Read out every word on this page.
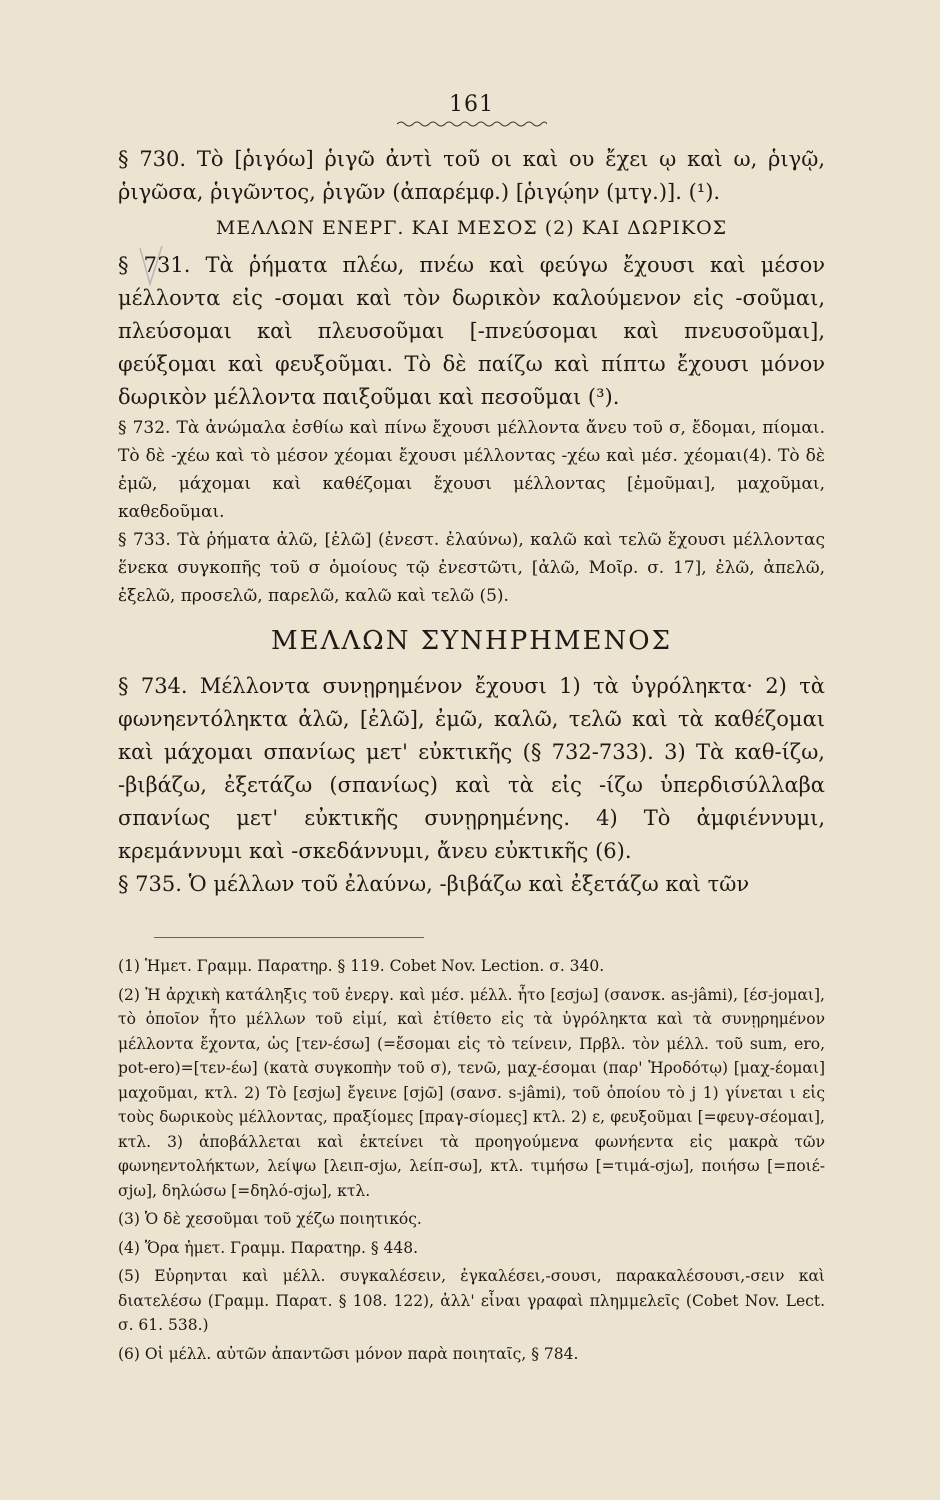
161

§ 730. Τὸ [ῥιγόω] ῥιγῶ ἀντὶ τοῦ οι καὶ ου ἔχει ῳ καὶ ω, ῥιγῷ, ῥιγῶσα, ῥιγῶντος, ῥιγῶν (ἀπαρέμφ.) [ῥιγῴην (μτγ.)]. (¹).

ΜΕΛΛΩΝ ΕΝΕΡΓ. ΚΑΙ ΜΕΣΟΣ (2) ΚΑΙ ΔΩΡΙΚΟΣ

§ 731. Τὰ ῥήματα πλέω, πνέω καὶ φεύγω ἔχουσι καὶ μέσον μέλλοντα εἰς -σομαι καὶ τὸν δωρικὸν καλούμενον εἰς -σοῦμαι, πλεύσομαι καὶ πλευσοῦμαι [-πνεύσομαι καὶ πνευσοῦμαι], φεύξομαι καὶ φευξοῦμαι. Τὸ δὲ παίζω καὶ πίπτω ἔχουσι μόνον δωρικὸν μέλλοντα παιξοῦμαι καὶ πεσοῦμαι (³).

§ 732. Τὰ ἀνώμαλα ἐσθίω καὶ πίνω ἔχουσι μέλλοντα ἄνευ τοῦ σ, ἔδομαι, πίομαι. Τὸ δὲ -χέω καὶ τὸ μέσον χέομαι ἔχουσι μέλλοντας -χέω καὶ μέσ. χέομαι(4). Τὸ δὲ ἐμῶ, μάχομαι καὶ καθέζομαι ἔχουσι μέλλοντας [ἐμοῦμαι], μαχοῦμαι, καθεδοῦμαι.

§ 733. Τὰ ῥήματα ἀλῶ, [ἐλῶ] (ἐνεστ. ἐλαύνω), καλῶ καὶ τελῶ ἔχουσι μέλλοντας ἕνεκα συγκοπῆς τοῦ σ ὁμοίους τῷ ἐνεστῶτι, [ἀλῶ, Μοῖρ. σ. 17], ἐλῶ, ἀπελῶ, ἐξελῶ, προσελῶ, παρελῶ, καλῶ καὶ τελῶ (5).

ΜΕΛΛΩΝ ΣΥΝΗΡΗΜΕΝΟΣ

§ 734. Μέλλοντα συνῃρημένον ἔχουσι 1) τὰ ὑγρόληκτα· 2) τὰ φωνηεντόληκτα ἀλῶ, [ἐλῶ], ἐμῶ, καλῶ, τελῶ καὶ τὰ καθέζομαι καὶ μάχομαι σπανίως μετ' εὐκτικῆς (§ 732-733). 3) Τὰ καθ-ίζω, -βιβάζω, ἐξετάζω (σπανίως) καὶ τὰ εἰς -ίζω ὑπερδισύλλαβα σπανίως μετ' εὐκτικῆς συνῃρημένης. 4) Τὸ ἀμφιέννυμι, κρεμάννυμι καὶ -σκεδάννυμι, ἄνευ εὐκτικῆς (6).

§ 735. Ὁ μέλλων τοῦ ἐλαύνω, -βιβάζω καὶ ἐξετάζω καὶ τῶν

(1) Ἡμετ. Γραμμ. Παρατηρ. § 119. Cobet Nov. Lection. σ. 340.

(2) Ἡ ἀρχικὴ κατάληξις τοῦ ἐνεργ. καὶ μέσ. μέλλ. ἦτο [εσjω] (σανσκ. as-jâmi), [έσ-jομαι], τὸ ὁποῖον ἦτο μέλλων τοῦ εἰμί, καὶ ἐτίθετο εἰς τὰ ὑγρόληκτα καὶ τὰ συνῃρημένον μέλλοντα ἔχοντα, ὡς [τεν-έσω] (=ἔσομαι εἰς τὸ τείνειν, Πρβλ. τὸν μέλλ. τοῦ sum, ero, pot-ero)=[τεν-έω] (κατὰ συγκοπὴν τοῦ σ), τενῶ, μαχ-έσομαι (παρ' Ἡροδότῳ) [μαχ-έομαι] μαχοῦμαι, κτλ. 2) Τὸ [εσjω] ἔγεινε [σjῶ] (σανσ. s-jâmi), τοῦ ὁποίου τὸ j 1) γίνεται ι εἰς τοὺς δωρικοὺς μέλλοντας, πραξίομες [πραγ-σίομες] κτλ. 2) ε, φευξοῦμαι [=φευγ-σέομαι], κτλ. 3) ἀποβάλλεται καὶ ἐκτείνει τὰ προηγούμενα φωνήεντα εἰς μακρὰ τῶν φωνηεντολήκτων, λείψω [λειπ-σjω, λείπ-σω], κτλ. τιμήσω [=τιμά-σjω], ποιήσω [=ποιέ-σjω], δηλώσω [=δηλό-σjω], κτλ.

(3) Ὁ δὲ χεσοῦμαι τοῦ χέζω ποιητικός.

(4) Ὅρα ἡμετ. Γραμμ. Παρατηρ. § 448.

(5) Εὑρηνται καὶ μέλλ. συγκαλέσειν, ἐγκαλέσει,-σουσι, παρακαλέσουσι,-σειν καὶ διατελέσω (Γραμμ. Παρατ. § 108. 122), ἀλλ' εἶναι γραφαὶ πλημμελεῖς (Cobet Nov. Lect. σ. 61. 538.)

(6) Οἱ μέλλ. αὐτῶν ἀπαντῶσι μόνον παρὰ ποιηταῖς, § 784.
